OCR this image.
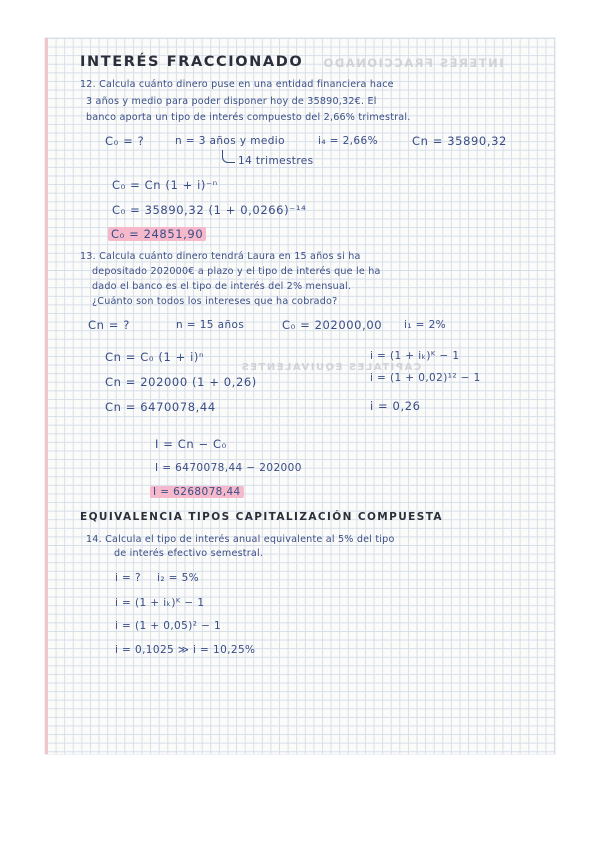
INTERÉS FRACCIONADO INTERÉS FRACCIONADO
12. Calcula cuánto dinero puse en una entidad financiera hace
3 años y medio para poder disponer hoy de 35890,32€. El
banco aporta un tipo de interés compuesto del 2,66% trimestral.
C₀ = ?	n = 3 años y medio	i₄ = 2,66%	Cn = 35890,32
14 trimestres
C₀ = Cn (1 + i)⁻ⁿ
C₀ = 35890,32 (1 + 0,0266)⁻¹⁴
C₀ = 24851,90
13. Calcula cuánto dinero tendrá Laura en 15 años si ha
depositado 202000€ a plazo y el tipo de interés que le ha
dado el banco es el tipo de interés del 2% mensual.
¿Cuánto son todos los intereses que ha cobrado?
Cn = ?	n = 15 años	C₀ = 202000,00 i₁ = 2%
CAPITALES EQUIVALENTES
Cn = C₀ (1 + i)ⁿ
Cn = 202000 (1 + 0,26)
Cn = 6470078,44
i = (1 + iₖ)ᴷ − 1
i = (1 + 0,02)¹² − 1
i = 0,26
I = Cn − C₀
I = 6470078,44 − 202000
I = 6268078,44
EQUIVALENCIA TIPOS CAPITALIZACIÓN COMPUESTA
14. Calcula el tipo de interés anual equivalente al 5% del tipo
de interés efectivo semestral.
i = ? i₂ = 5%
i = (1 + iₖ)ᴷ − 1
i = (1 + 0,05)² − 1
i = 0,1025 ≫ i = 10,25%
